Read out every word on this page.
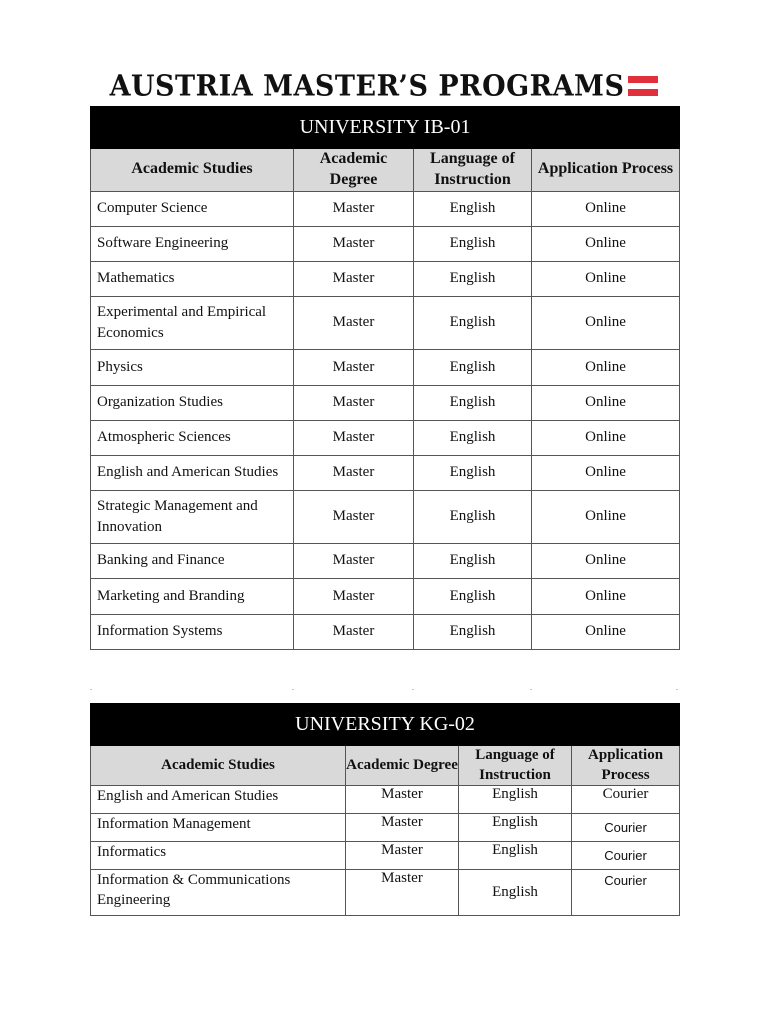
AUSTRIA MASTER’S PROGRAMS
UNIVERSITY IB-01			
Academic Studies	Academic Degree	Language of Instruction	Application Process
Computer Science	Master	English	Online
Software Engineering	Master	English	Online
Mathematics	Master	English	Online
Experimental and Empirical Economics	Master	English	Online
Physics	Master	English	Online
Organization Studies	Master	English	Online
Atmospheric Sciences	Master	English	Online
English and American Studies	Master	English	Online
Strategic Management and Innovation	Master	English	Online
Banking and Finance	Master	English	Online
Marketing and Branding	Master	English	Online
Information Systems	Master	English	Online
.	.	.	.	.
UNIVERSITY KG-02			
Academic Studies	Academic Degree	Language of Instruction	Application Process
English and American Studies	Master	English	Courier
Information Management	Master	English	Courier
Informatics	Master	English	Courier
Information & Communications Engineering	Master	English	Courier
